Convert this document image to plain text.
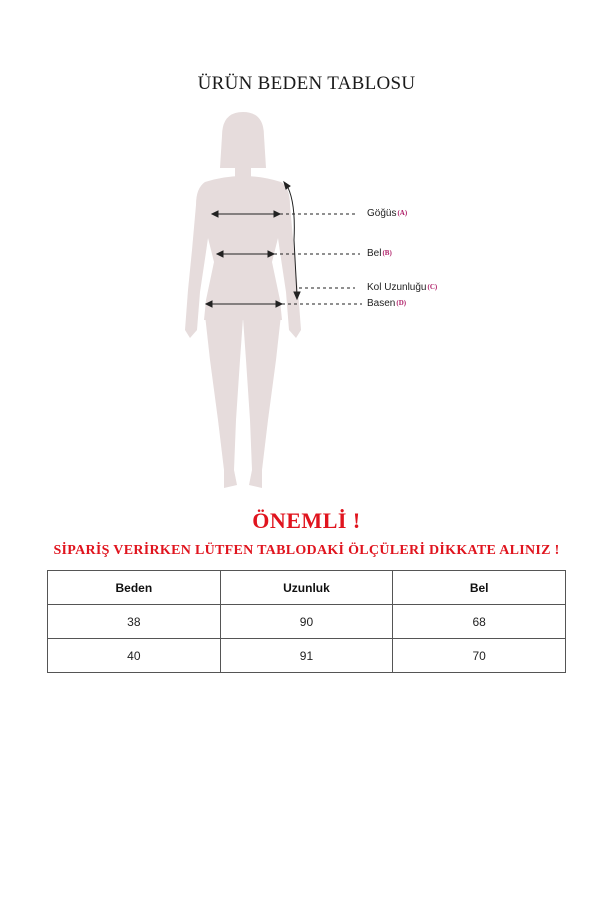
ÜRÜN BEDEN TABLOSU
Göğüs(A)
Bel(B)
Kol Uzunluğu(C)
Basen(D)
ÖNEMLİ !
SİPARİŞ VERİRKEN LÜTFEN TABLODAKİ ÖLÇÜLERİ DİKKATE ALINIZ !
Beden	Uzunluk	Bel
38	90	68
40	91	70
